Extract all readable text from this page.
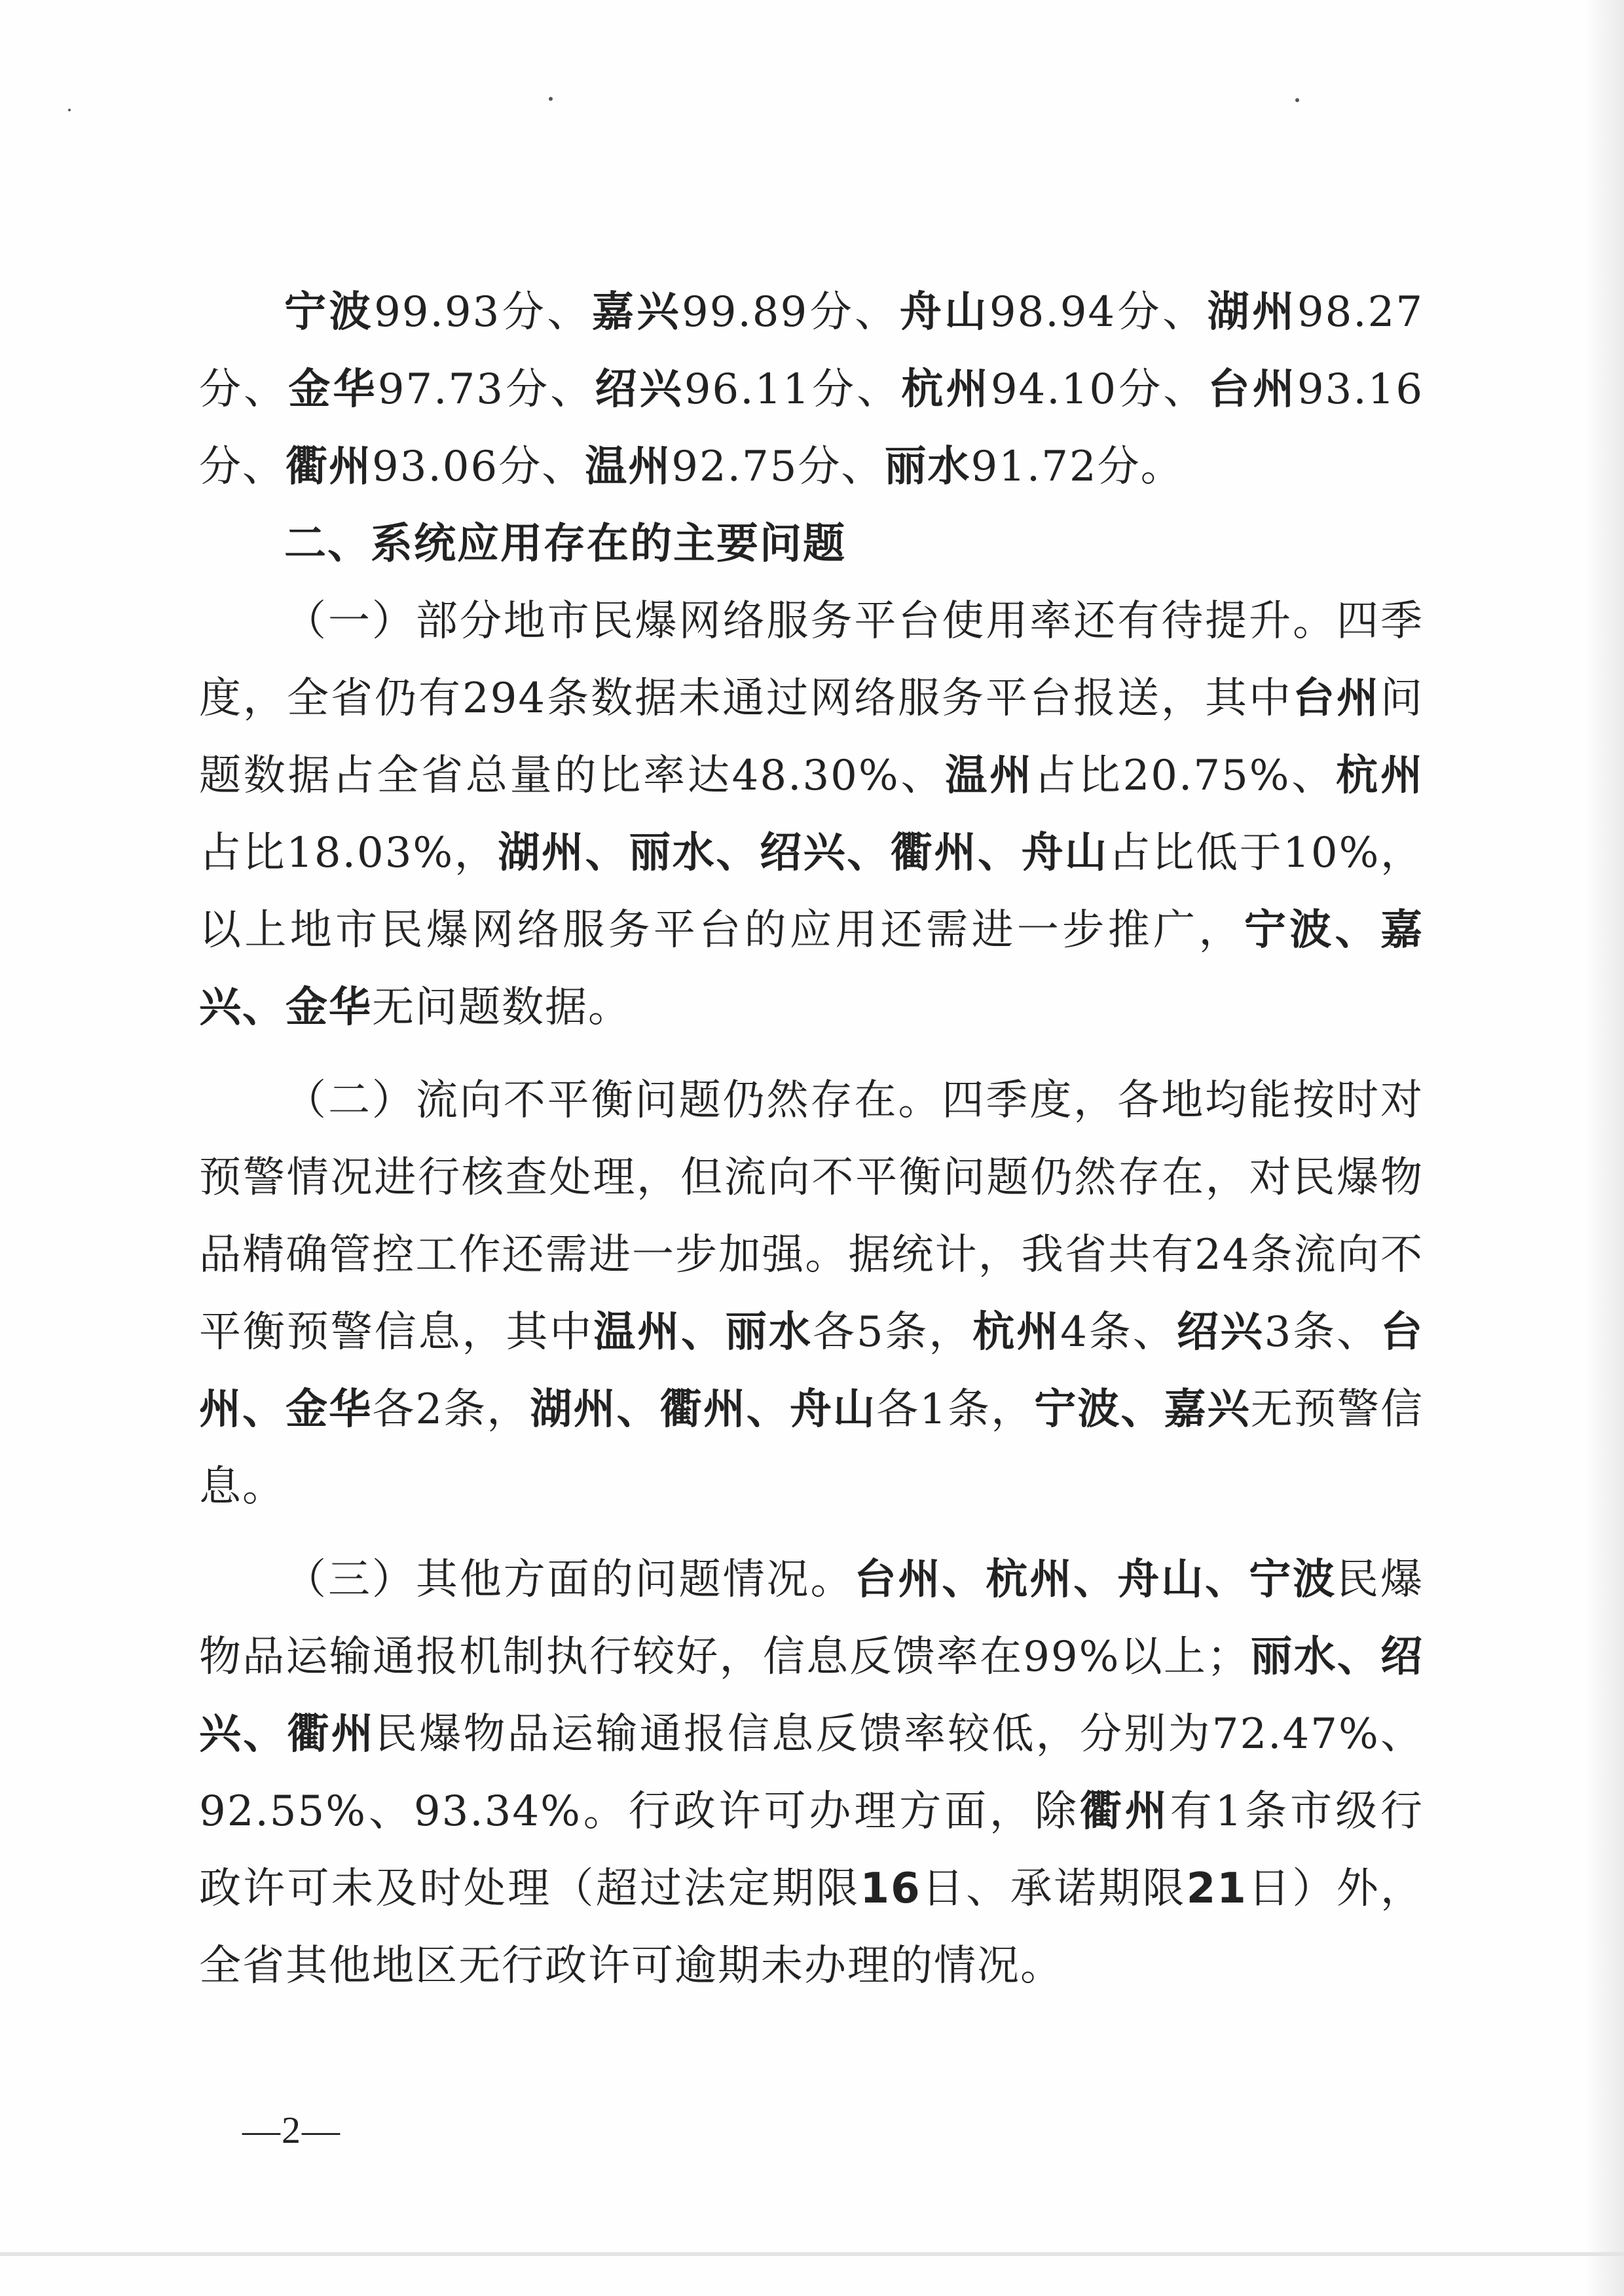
宁波99.93分、嘉兴99.89分、舟山98.94分、湖州98.27分、金华97.73分、绍兴96.11分、杭州94.10分、台州93.16分、衢州93.06分、温州92.75分、丽水91.72分。

二、系统应用存在的主要问题

（一）部分地市民爆网络服务平台使用率还有待提升。四季度，全省仍有294条数据未通过网络服务平台报送，其中台州问题数据占全省总量的比率达48.30%、温州占比20.75%、杭州占比18.03%，湖州、丽水、绍兴、衢州、舟山占比低于10%，以上地市民爆网络服务平台的应用还需进一步推广，宁波、嘉兴、金华无问题数据。

（二）流向不平衡问题仍然存在。四季度，各地均能按时对预警情况进行核查处理，但流向不平衡问题仍然存在，对民爆物品精确管控工作还需进一步加强。据统计，我省共有24条流向不平衡预警信息，其中温州、丽水各5条，杭州4条、绍兴3条、台州、金华各2条，湖州、衢州、舟山各1条，宁波、嘉兴无预警信息。

（三）其他方面的问题情况。台州、杭州、舟山、宁波民爆物品运输通报机制执行较好，信息反馈率在99%以上；丽水、绍兴、衢州民爆物品运输通报信息反馈率较低，分别为72.47%、92.55%、93.34%。行政许可办理方面，除衢州有1条市级行政许可未及时处理（超过法定期限16日、承诺期限21日）外，全省其他地区无行政许可逾期未办理的情况。

—2—
